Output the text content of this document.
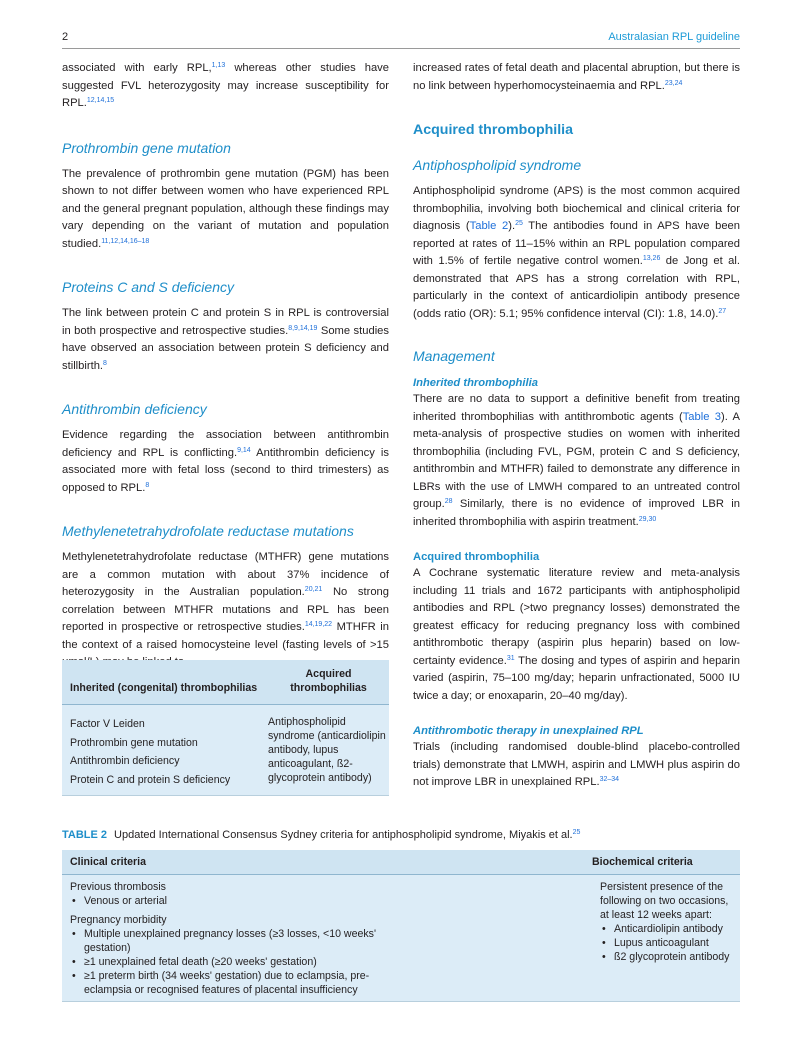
2	Australasian RPL guideline

associated with early RPL,$^{1,13}$ whereas other studies have suggested FVL heterozygosity may increase susceptibility for RPL.$^{12,14,15}$

Prothrombin gene mutation

The prevalence of prothrombin gene mutation (PGM) has been shown to not differ between women who have experienced RPL and the general pregnant population, although these findings may vary depending on the variant of mutation and population studied.$^{11,12,14,16-18}$

Proteins C and S deficiency

The link between protein C and protein S in RPL is controversial in both prospective and retrospective studies.$^{8,9,14,19}$ Some studies have observed an association between protein S deficiency and stillbirth.$^8$

Antithrombin deficiency

Evidence regarding the association between antithrombin deficiency and RPL is conflicting.$^{9,14}$ Antithrombin deficiency is associated more with fetal loss (second to third trimesters) as opposed to RPL.$^8$

Methylenetetrahydrofolate reductase mutations

Methylenetetrahydrofolate reductase (MTHFR) gene mutations are a common mutation with about 37% incidence of heterozygosity in the Australian population.$^{20,21}$ No strong correlation between MTHFR mutations and RPL has been reported in prospective or retrospective studies.$^{14,19,22}$ MTHFR in the context of a raised homocysteine level (fasting levels of >15

increased rates of fetal death and placental abruption, but there is no link between hyperhomocysteinaemia and RPL.$^{23,24}$

Acquired thrombophilia
Antiphospholipid syndrome

Antiphospholipid syndrome (APS) is the most common acquired thrombophilia, involving both biochemical and clinical criteria for diagnosis (Table 2).$^{25}$ The antibodies found in APS have been reported at rates of 11–15% within an RPL population compared with 1.5% of fertile negative control women.$^{13,26}$ de Jong et al. demonstrated that APS has a strong correlation with RPL, particularly in the context of anticardiolipin antibody presence (odds ratio (OR): 5.1; 95% confidence interval (CI): 1.8, 14.0).$^{27}$

Management
Inherited thrombophilia

There are no data to support a definitive benefit from treating inherited thrombophilias with antithrombotic agents (Table 3). A meta-analysis of prospective studies on women with inherited thrombophilia (including FVL, PGM, protein C and S deficiency, antithrombin and MTHFR) failed to demonstrate any difference in LBRs with the use of LMWH compared to an untreated control group.$^{28}$ Similarly, there is no evidence of improved LBR in inherited thrombophilia with aspirin treatment.$^{29,30}$

Acquired thrombophilia

A Cochrane systematic literature review and meta-analysis including 11 trials and 1672 participants with antiphospholipid antibodies and RPL (>two pregnancy losses) demonstrated the greatest efficacy for reducing pregnancy loss with combined antithrombotic therapy (aspirin plus heparin) based on low-certainty evidence.$^{31}$ The dosing and types of aspirin and heparin varied (aspirin, 75–100 mg/day; heparin unfractionated, 5000 IU twice a day; or enoxaparin, 20–40 mg/day).

Antithrombotic therapy in unexplained RPL

Trials (including randomised double-blind placebo-controlled trials) demonstrate that LMWH, aspirin and LMWH plus aspirin do not improve LBR in unexplained RPL.$^{32-34}$

Inherited (congenital) thrombophilias
Acquired thrombophilias
Factor V Leiden
Prothrombin gene mutation
Antithrombin deficiency
Protein C and protein S deficiency
Antiphospholipid syndrome (anticardiolipin antibody, lupus anticoagulant, ß2-glycoprotein antibody)

TABLE 2 Updated International Consensus Sydney criteria for antiphospholipid syndrome, Miyakis et al.$^{25}$

Clinical criteria	Biochemical criteria
Previous thrombosis
• Venous or arterial
Pregnancy morbidity
• Multiple unexplained pregnancy losses (≥3 losses, <10 weeks' gestation)
• ≥1 unexplained fetal death (≥20 weeks' gestation)
• ≥1 preterm birth (34 weeks' gestation) due to eclampsia, pre-eclampsia or recognised features of placental insufficiency
Persistent presence of the following on two occasions, at least 12 weeks apart:
• Anticardiolipin antibody
• Lupus anticoagulant
• ß2 glycoprotein antibody
